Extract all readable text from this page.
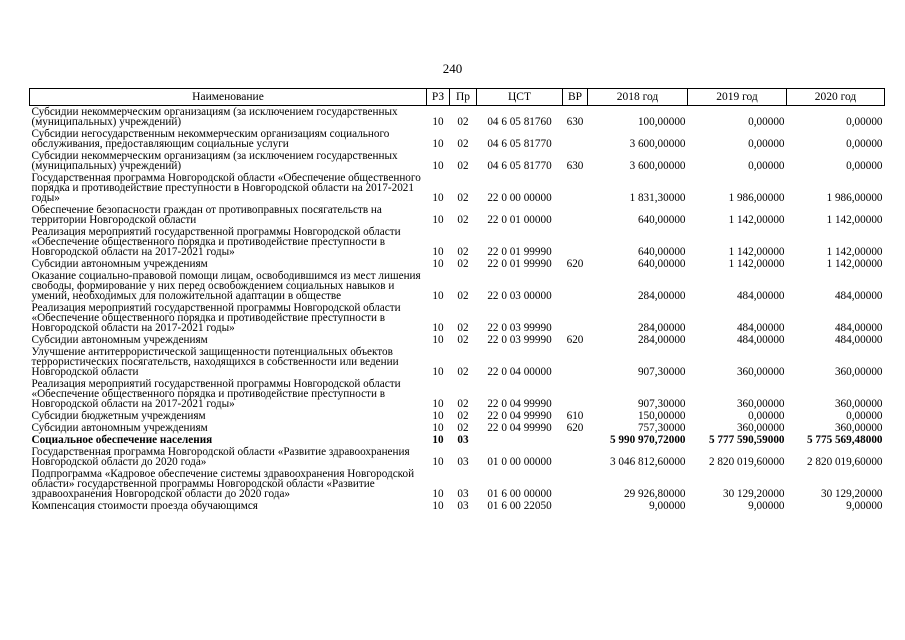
240
Наименование	РЗ	Пр	ЦСТ	ВР	2018 год	2019 год	2020 год
Субсидии некоммерческим организациям (за исключением государственных (муниципальных) учреждений)	10	02	04 6 05 81760	630	100,00000	0,00000	0,00000
Субсидии негосударственным некоммерческим организациям социального обслуживания, предоставляющим социальные услуги	10	02	04 6 05 81770		3 600,00000	0,00000	0,00000
Субсидии некоммерческим организациям (за исключением государственных (муниципальных) учреждений)	10	02	04 6 05 81770	630	3 600,00000	0,00000	0,00000
Государственная программа Новгородской области «Обеспечение общественного порядка и противодействие преступности в Новгородской области на 2017-2021 годы»	10	02	22 0 00 00000		1 831,30000	1 986,00000	1 986,00000
Обеспечение безопасности граждан от противоправных посягательств на территории Новгородской области	10	02	22 0 01 00000		640,00000	1 142,00000	1 142,00000
Реализация мероприятий государственной программы Новгородской области «Обеспечение общественного порядка и противодействие преступности в Новгородской области на 2017-2021 годы»	10	02	22 0 01 99990		640,00000	1 142,00000	1 142,00000
Субсидии автономным учреждениям	10	02	22 0 01 99990	620	640,00000	1 142,00000	1 142,00000
Оказание социально-правовой помощи лицам, освободившимся из мест лишения свободы, формирование у них перед освобождением социальных навыков и умений, необходимых для положительной адаптации в обществе	10	02	22 0 03 00000		284,00000	484,00000	484,00000
Реализация мероприятий государственной программы Новгородской области «Обеспечение общественного порядка и противодействие преступности в Новгородской области на 2017-2021 годы»	10	02	22 0 03 99990		284,00000	484,00000	484,00000
Субсидии автономным учреждениям	10	02	22 0 03 99990	620	284,00000	484,00000	484,00000
Улучшение антитеррористической защищенности потенциальных объектов террористических посягательств, находящихся в собственности или ведении Новгородской области	10	02	22 0 04 00000		907,30000	360,00000	360,00000
Реализация мероприятий государственной программы Новгородской области «Обеспечение общественного порядка и противодействие преступности в Новгородской области на 2017-2021 годы»	10	02	22 0 04 99990		907,30000	360,00000	360,00000
Субсидии бюджетным учреждениям	10	02	22 0 04 99990	610	150,00000	0,00000	0,00000
Субсидии автономным учреждениям	10	02	22 0 04 99990	620	757,30000	360,00000	360,00000
Социальное обеспечение населения	10	03			5 990 970,72000	5 777 590,59000	5 775 569,48000
Государственная программа Новгородской области «Развитие здравоохранения Новгородской области до 2020 года»	10	03	01 0 00 00000		3 046 812,60000	2 820 019,60000	2 820 019,60000
Подпрограмма «Кадровое обеспечение системы здравоохранения Новгородской области» государственной программы Новгородской области «Развитие здравоохранения Новгородской области до 2020 года»	10	03	01 6 00 00000		29 926,80000	30 129,20000	30 129,20000
Компенсация стоимости проезда обучающимся	10	03	01 6 00 22050		9,00000	9,00000	9,00000
